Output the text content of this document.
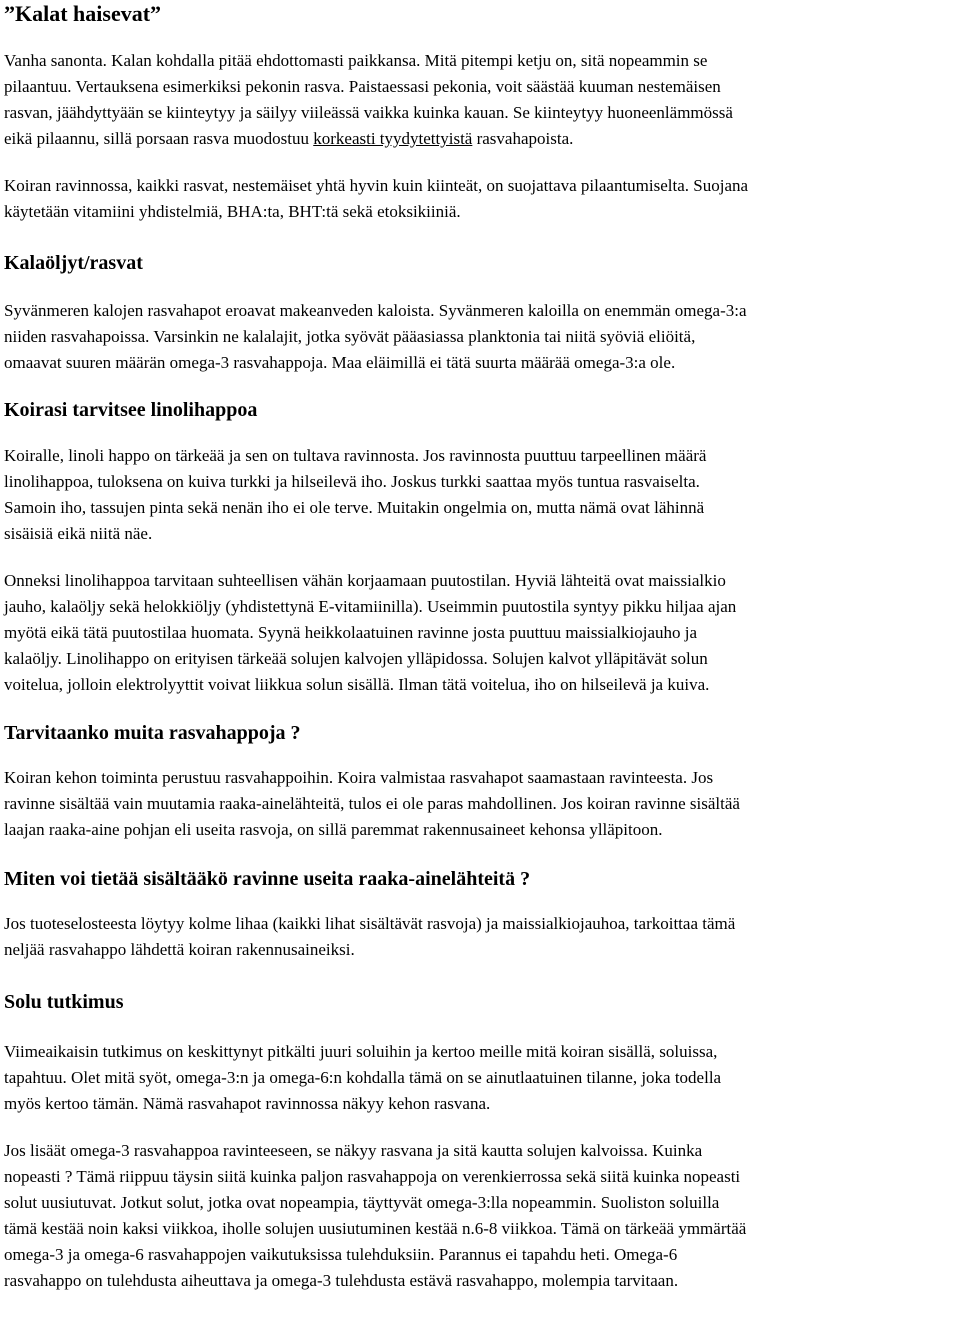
”Kalat haisevat”

Vanha sanonta. Kalan kohdalla pitää ehdottomasti paikkansa. Mitä pitempi ketju on, sitä nopeammin se
pilaantuu. Vertauksena esimerkiksi pekonin rasva. Paistaessasi pekonia, voit säästää kuuman nestemäisen
rasvan, jäähdyttyään se kiinteytyy ja säilyy viileässä vaikka kuinka kauan. Se kiinteytyy huoneenlämmössä
eikä pilaannu, sillä porsaan rasva muodostuu korkeasti tyydytettyistä rasvahapoista.

Koiran ravinnossa, kaikki rasvat, nestemäiset yhtä hyvin kuin kiinteät, on suojattava pilaantumiselta. Suojana
käytetään vitamiini yhdistelmiä, BHA:ta, BHT:tä sekä etoksikiiniä.

Kalaöljyt/rasvat

Syvänmeren kalojen rasvahapot eroavat makeanveden kaloista. Syvänmeren kaloilla on enemmän omega-3:a
niiden rasvahapoissa. Varsinkin ne kalalajit, jotka syövät pääasiassa planktonia tai niitä syöviä eliöitä,
omaavat suuren määrän omega-3 rasvahappoja. Maa eläimillä ei tätä suurta määrää omega-3:a ole.

Koirasi tarvitsee linolihappoa

Koiralle, linoli happo on tärkeää ja sen on tultava ravinnosta. Jos ravinnosta puuttuu tarpeellinen määrä
linolihappoa, tuloksena on kuiva turkki ja hilseilevä iho. Joskus turkki saattaa myös tuntua rasvaiselta.
Samoin iho, tassujen pinta sekä nenän iho ei ole terve. Muitakin ongelmia on, mutta nämä ovat lähinnä
sisäisiä eikä niitä näe.

Onneksi linolihappoa tarvitaan suhteellisen vähän korjaamaan puutostilan. Hyviä lähteitä ovat maissialkio
jauho, kalaöljy sekä helokkiöljy (yhdistettynä E-vitamiinilla). Useimmin puutostila syntyy pikku hiljaa ajan
myötä eikä tätä puutostilaa huomata. Syynä heikkolaatuinen ravinne josta puuttuu maissialkiojauho ja
kalaöljy. Linolihappo on erityisen tärkeää solujen kalvojen ylläpidossa. Solujen kalvot ylläpitävät solun
voitelua, jolloin elektrolyyttit voivat liikkua solun sisällä. Ilman tätä voitelua, iho on hilseilevä ja kuiva.

Tarvitaanko muita rasvahappoja ?

Koiran kehon toiminta perustuu rasvahappoihin. Koira valmistaa rasvahapot saamastaan ravinteesta. Jos
ravinne sisältää vain muutamia raaka-ainelähteitä, tulos ei ole paras mahdollinen. Jos koiran ravinne sisältää
laajan raaka-aine pohjan eli useita rasvoja, on sillä paremmat rakennusaineet kehonsa ylläpitoon.

Miten voi tietää sisältääkö ravinne useita raaka-ainelähteitä ?

Jos tuoteselosteesta löytyy kolme lihaa (kaikki lihat sisältävät rasvoja) ja maissialkiojauhoa, tarkoittaa tämä
neljää rasvahappo lähdettä koiran rakennusaineiksi.

Solu tutkimus

Viimeaikaisin tutkimus on keskittynyt pitkälti juuri soluihin ja kertoo meille mitä koiran sisällä, soluissa,
tapahtuu. Olet mitä syöt, omega-3:n ja omega-6:n kohdalla tämä on se ainutlaatuinen tilanne, joka todella
myös kertoo tämän. Nämä rasvahapot ravinnossa näkyy kehon rasvana.

Jos lisäät omega-3 rasvahappoa ravinteeseen, se näkyy rasvana ja sitä kautta solujen kalvoissa. Kuinka
nopeasti ? Tämä riippuu täysin siitä kuinka paljon rasvahappoja on verenkierrossa sekä siitä kuinka nopeasti
solut uusiutuvat. Jotkut solut, jotka ovat nopeampia, täyttyvät omega-3:lla nopeammin. Suoliston soluilla
tämä kestää noin kaksi viikkoa, iholle solujen uusiutuminen kestää n.6-8 viikkoa. Tämä on tärkeää ymmärtää
omega-3 ja omega-6 rasvahappojen vaikutuksissa tulehduksiin. Parannus ei tapahdu heti. Omega-6
rasvahappo on tulehdusta aiheuttava ja omega-3 tulehdusta estävä rasvahappo, molempia tarvitaan.
